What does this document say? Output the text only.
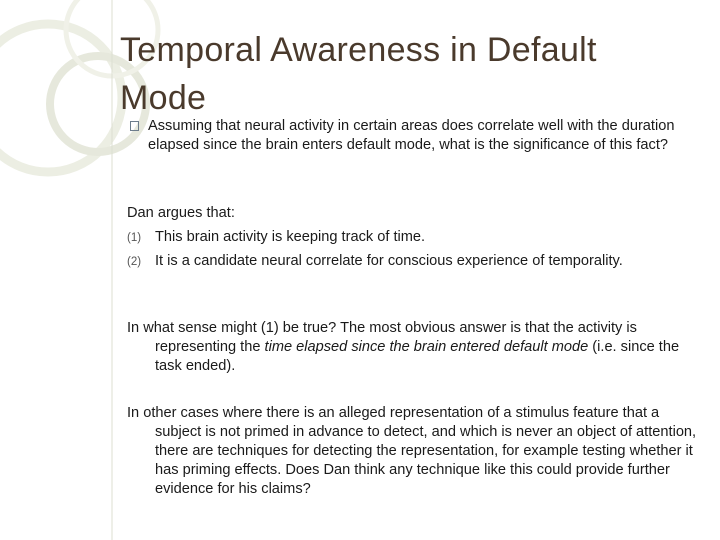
Temporal Awareness in Default Mode
Assuming that neural activity in certain areas does correlate well with the duration elapsed since the brain enters default mode, what is the significance of this fact?

Dan argues that:

(1) This brain activity is keeping track of time.

(2) It is a candidate neural correlate for conscious experience of temporality.

In what sense might (1) be true? The most obvious answer is that the activity is representing the time elapsed since the brain entered default mode (i.e. since the task ended).

In other cases where there is an alleged representation of a stimulus feature that a subject is not primed in advance to detect, and which is never an object of attention, there are techniques for detecting the representation, for example testing whether it has priming effects. Does Dan think any technique like this could provide further evidence for his claims?
